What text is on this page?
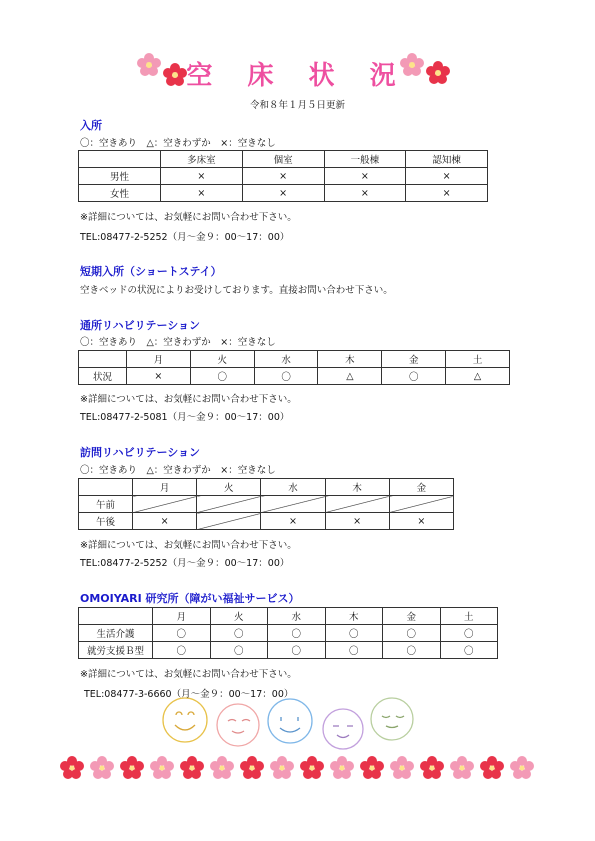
空 床 状 況
令和８年１月５日更新
入所
〇：空きあり　△：空きわずか　×：空きなし
	多床室	個室	一般棟	認知棟
男性	×	×	×	×
女性	×	×	×	×
※詳細については、お気軽にお問い合わせ下さい。
TEL:08477-2-5252（月～金９：00～17：00）
短期入所（ショートステイ）
空きベッドの状況によりお受けしております。直接お問い合わせ下さい。
通所リハビリテーション
〇：空きあり　△：空きわずか　×：空きなし
	月	火	水	木	金	土
状況	×	〇	〇	△	〇	△
※詳細については、お気軽にお問い合わせ下さい。
TEL:08477-2-5081（月～金９：00～17：00）
訪問リハビリテーション
〇：空きあり　△：空きわずか　×：空きなし
	月	火	水	木	金
午前					
午後	×		×	×	×
※詳細については、お気軽にお問い合わせ下さい。
TEL:08477-2-5252（月～金９：00～17：00）
OMOIYARI 研究所（障がい福祉サービス）
	月	火	水	木	金	土
生活介護	〇	〇	〇	〇	〇	〇
就労支援Ｂ型	〇	〇	〇	〇	〇	〇
※詳細については、お気軽にお問い合わせ下さい。
TEL:08477-3-6660（月～金９：00～17：00）
